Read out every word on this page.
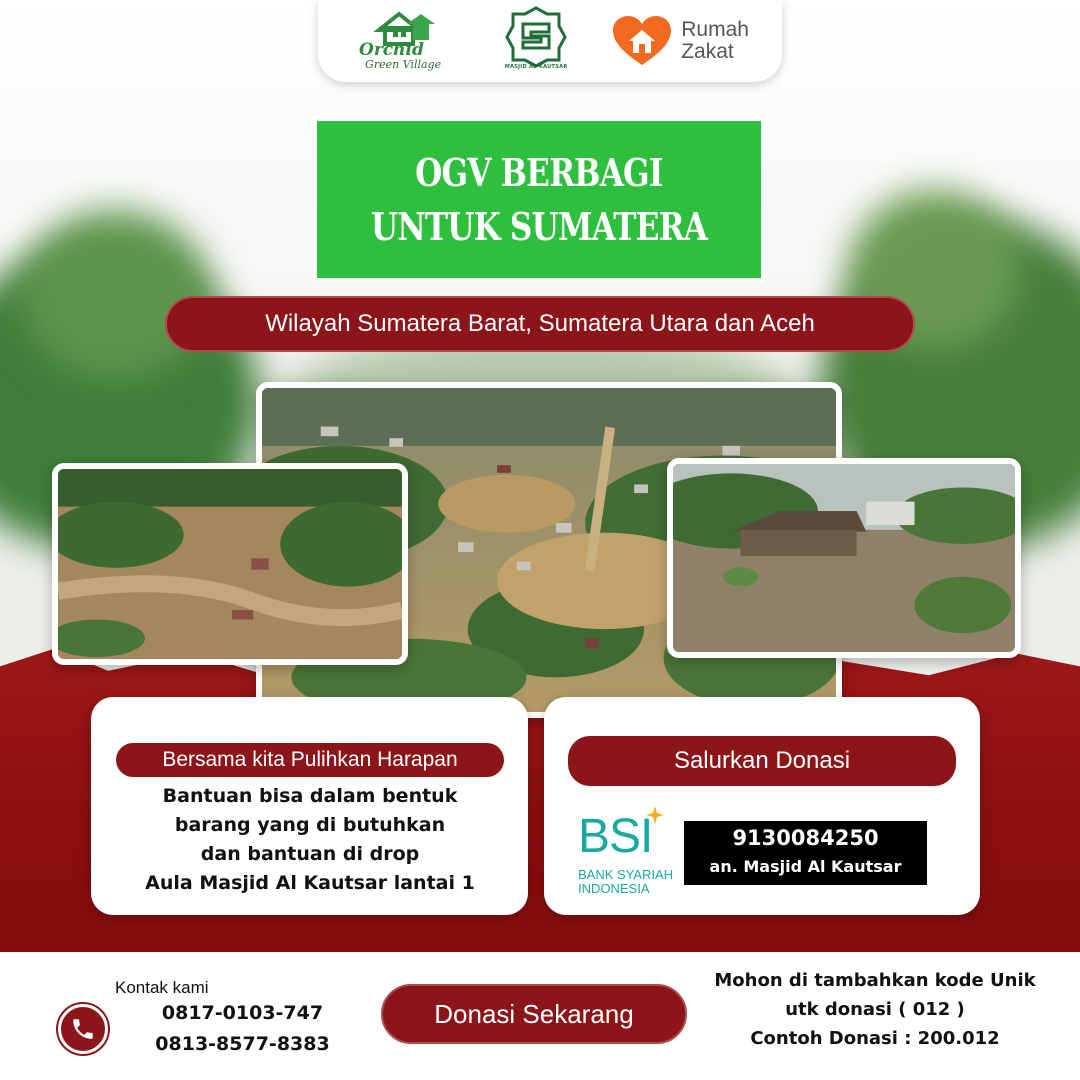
Orchid
Green Village	MASJID AL-KAUTSAR
Rumah
Zakat
OGV BERBAGI
UNTUK SUMATERA
Wilayah Sumatera Barat, Sumatera Utara dan Aceh
Bersama kita Pulihkan Harapan
Bantuan bisa dalam bentuk
barang yang di butuhkan
dan bantuan di drop
Aula Masjid Al Kautsar lantai 1
Salurkan Donasi
BSI
BANK SYARIAH
INDONESIA
9130084250
an. Masjid Al Kautsar
Kontak kami
0817-0103-747
0813-8577-8383
Donasi Sekarang
Mohon di tambahkan kode Unik
utk donasi ( 012 )
Contoh Donasi : 200.012
